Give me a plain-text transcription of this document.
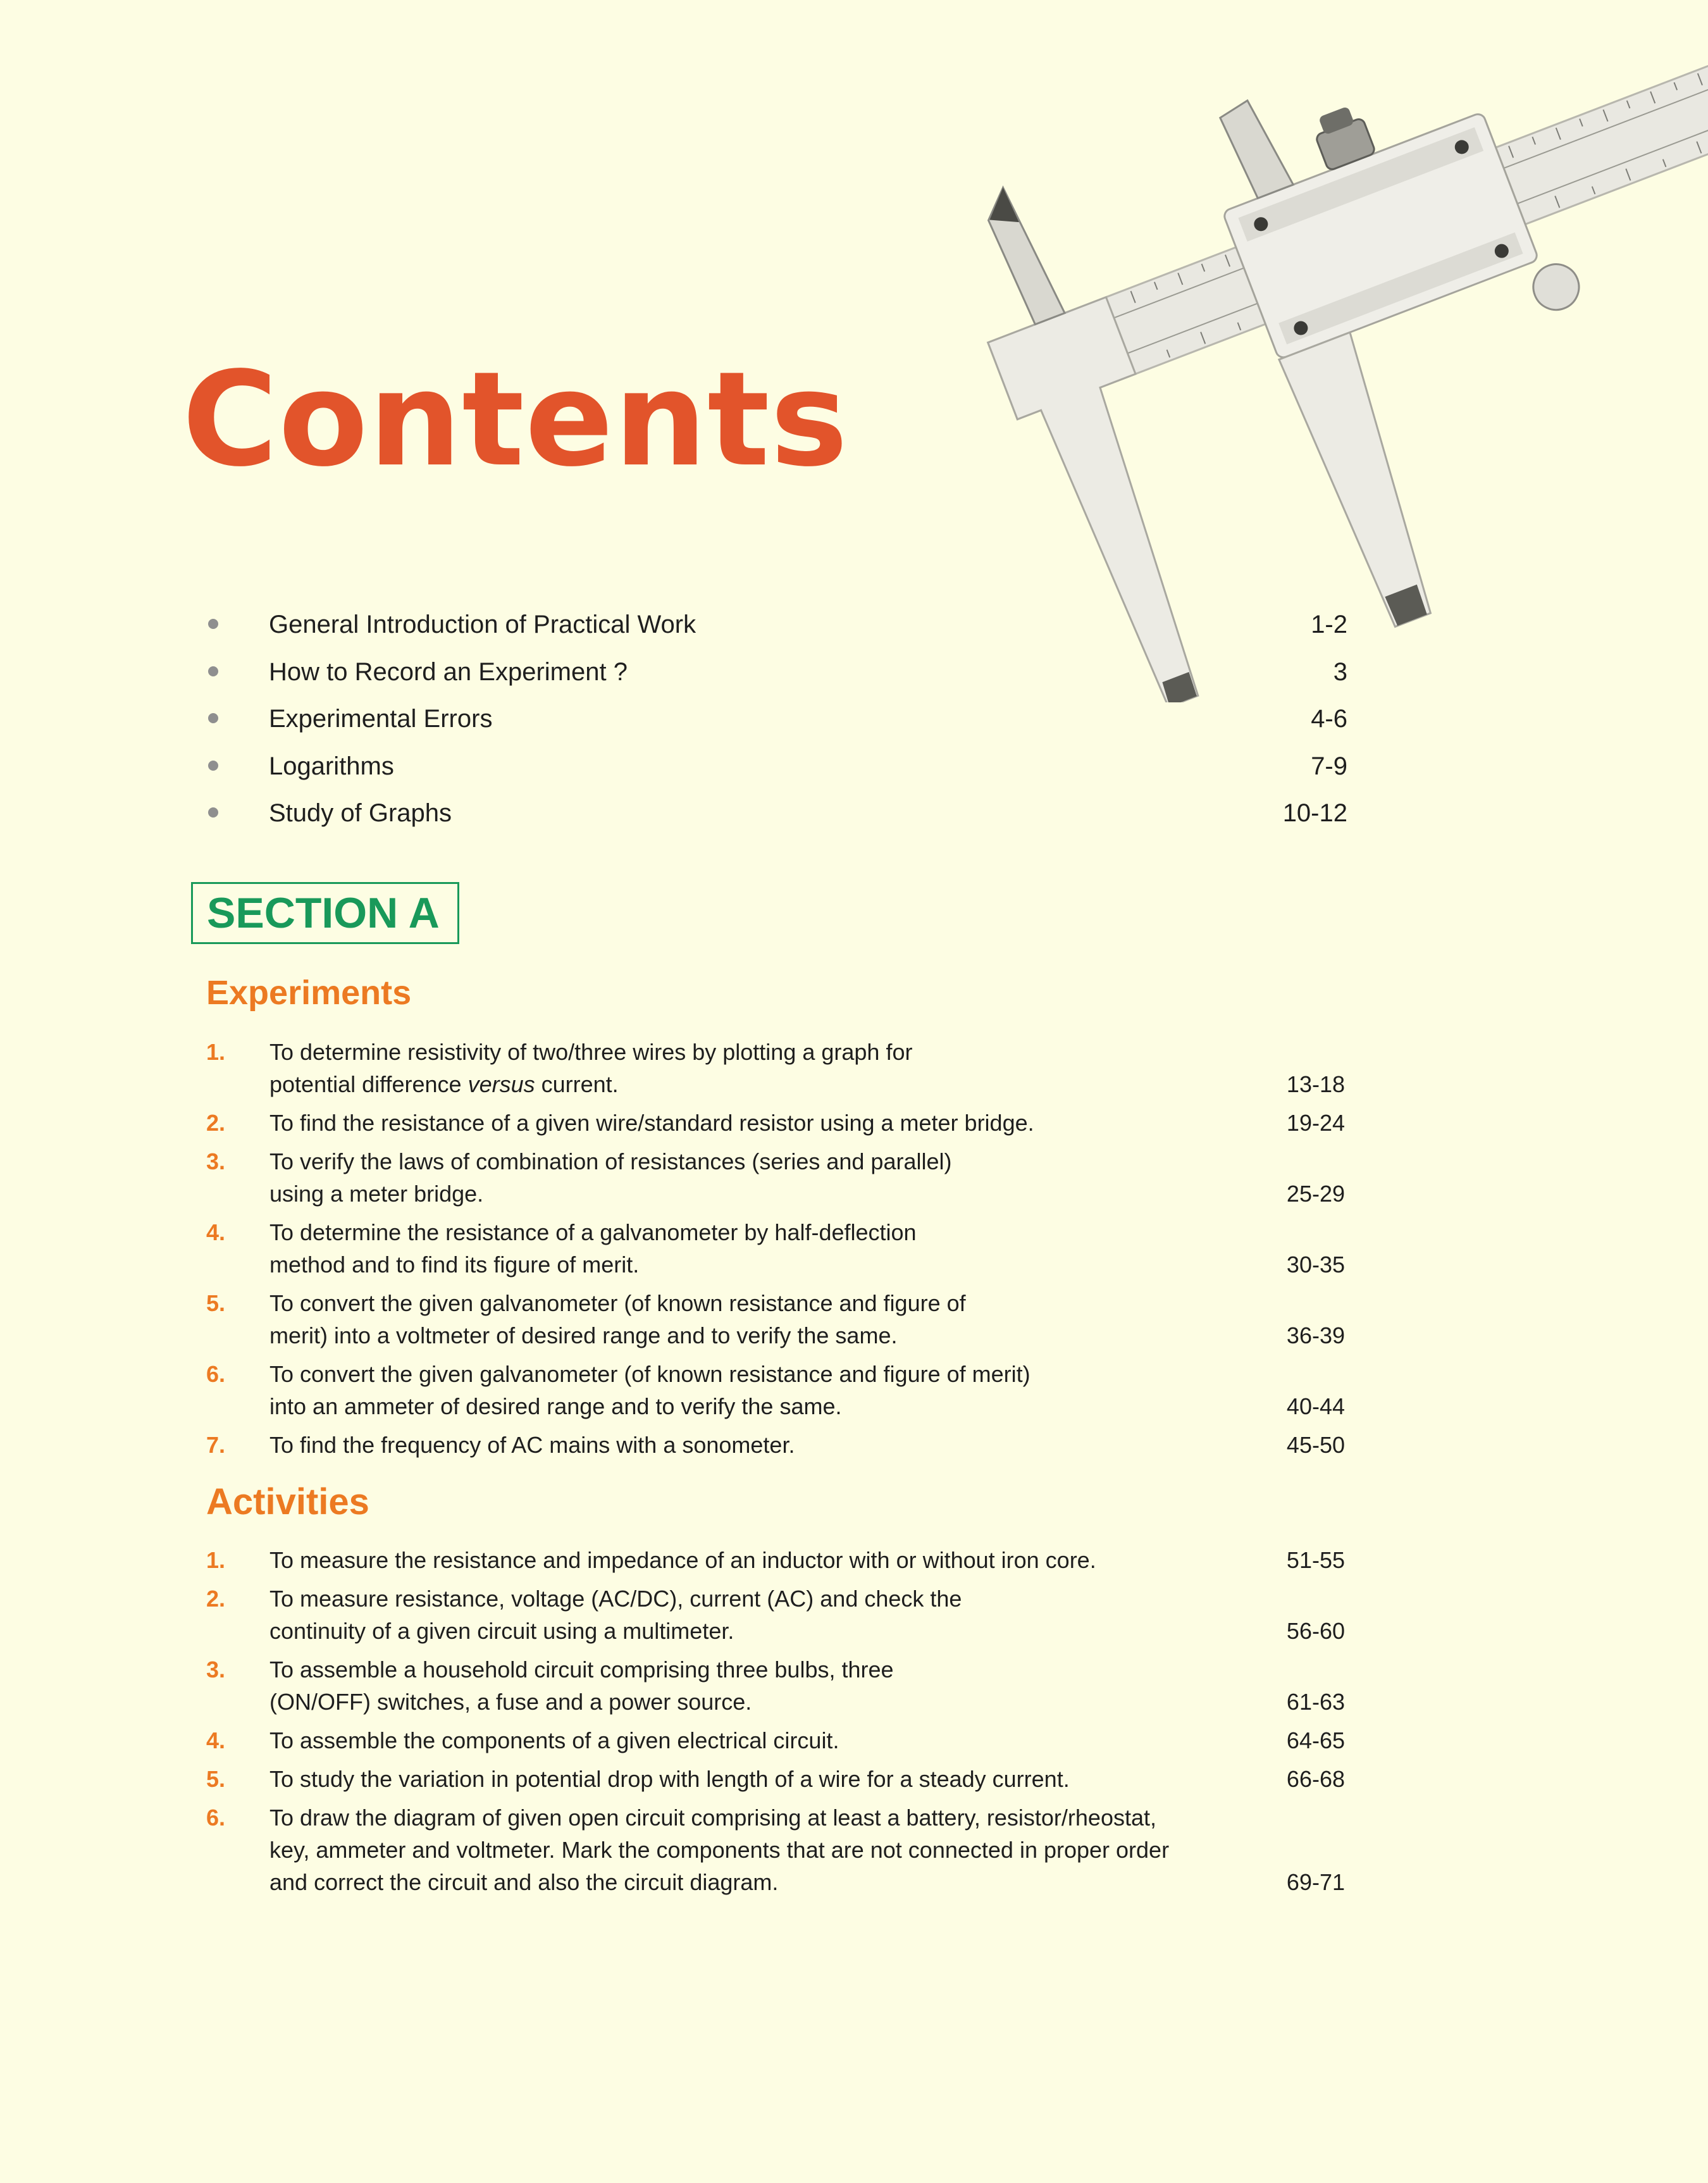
Contents
General Introduction of Practical Work	1-2
How to Record an Experiment ?	3
Experimental Errors	4-6
Logarithms	7-9
Study of Graphs	10-12
SECTION A
Experiments
1. To determine resistivity of two/three wires by plotting a graph for
potential difference versus current.	13-18
2. To find the resistance of a given wire/standard resistor using a meter bridge.	19-24
3. To verify the laws of combination of resistances (series and parallel)
using a meter bridge.	25-29
4. To determine the resistance of a galvanometer by half-deflection
method and to find its figure of merit.	30-35
5. To convert the given galvanometer (of known resistance and figure of
merit) into a voltmeter of desired range and to verify the same.	36-39
6. To convert the given galvanometer (of known resistance and figure of merit)
into an ammeter of desired range and to verify the same.	40-44
7. To find the frequency of AC mains with a sonometer.	45-50
Activities
1. To measure the resistance and impedance of an inductor with or without iron core.	51-55
2. To measure resistance, voltage (AC/DC), current (AC) and check the
continuity of a given circuit using a multimeter.	56-60
3. To assemble a household circuit comprising three bulbs, three
(ON/OFF) switches, a fuse and a power source.	61-63
4. To assemble the components of a given electrical circuit.	64-65
5. To study the variation in potential drop with length of a wire for a steady current.	66-68
6. To draw the diagram of given open circuit comprising at least a battery, resistor/rheostat,
key, ammeter and voltmeter. Mark the components that are not connected in proper order
and correct the circuit and also the circuit diagram.	69-71
